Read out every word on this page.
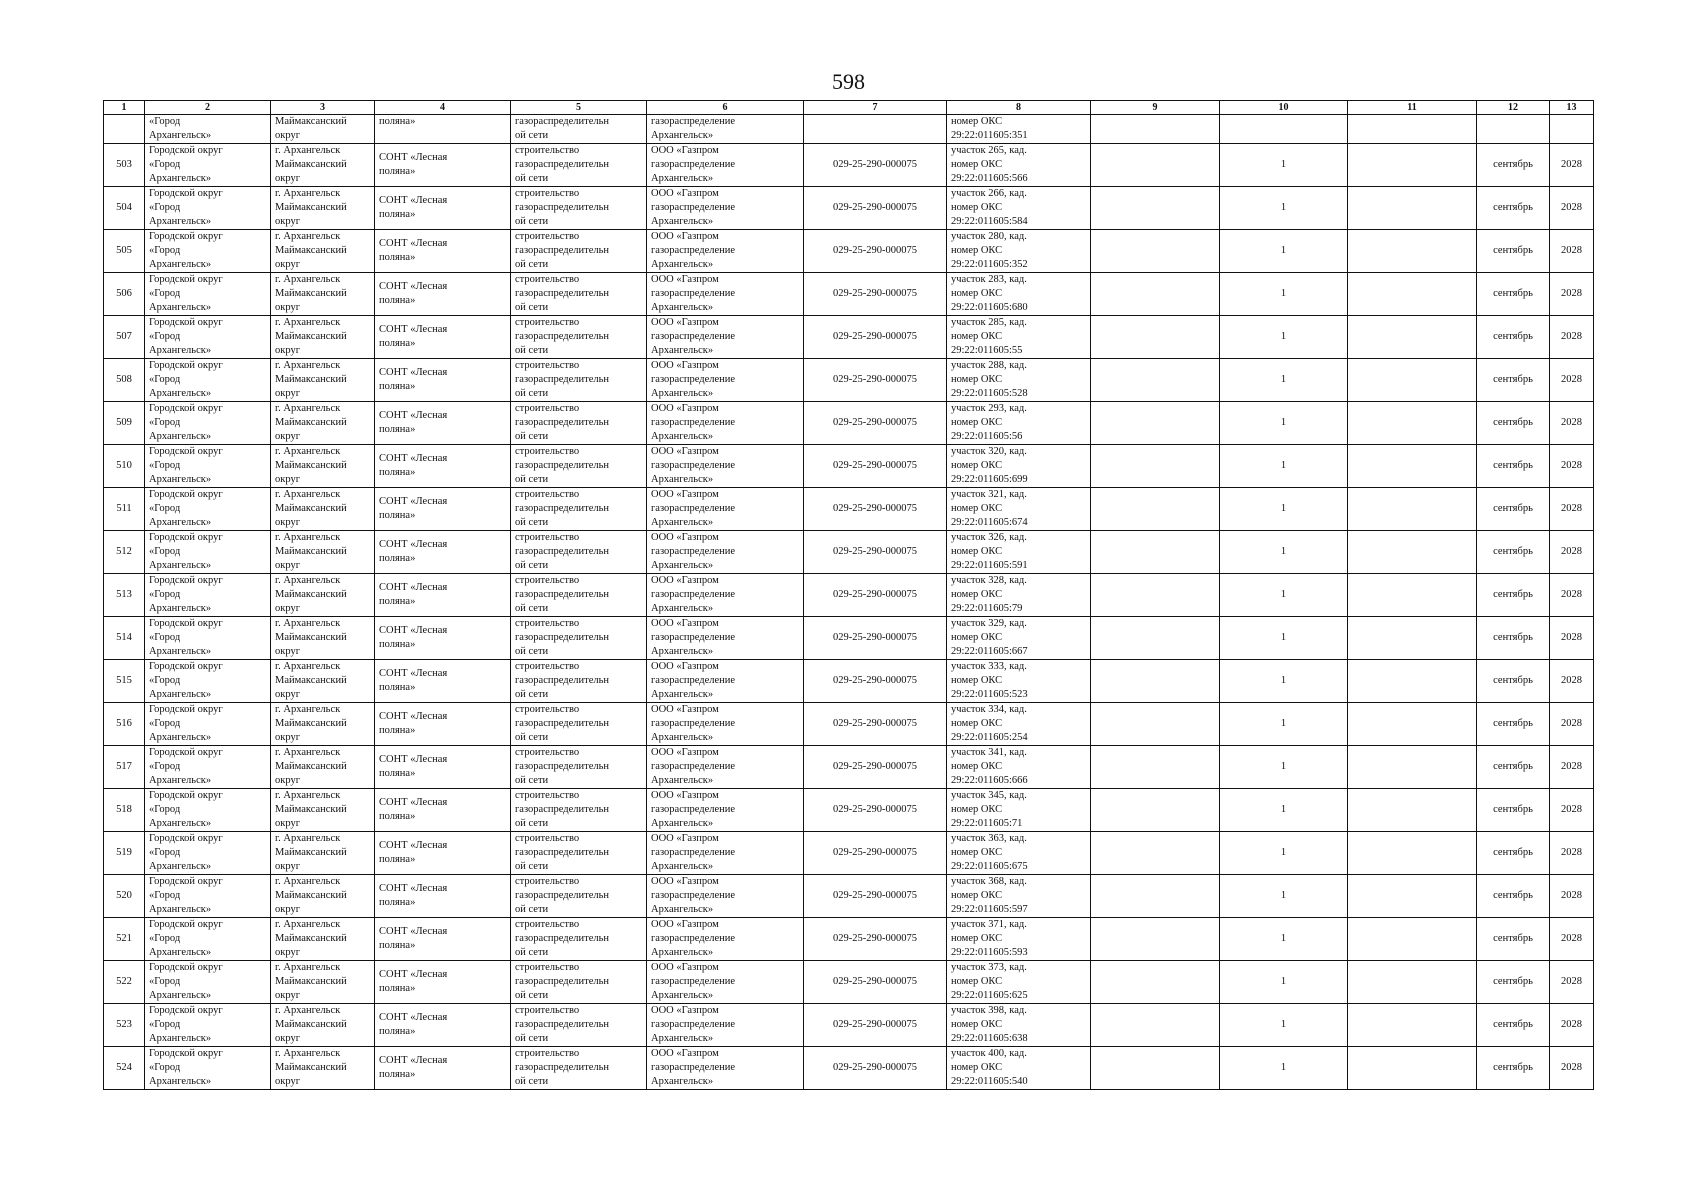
598
1	2	3	4	5	6	7	8	9	10	11	12	13

	«Город
Архангельск»	Маймаксанский
округ	поляна»	газораспределительн
ой сети	газораспределение
Архангельск»		номер ОКС
29:22:011605:351					

503	Городской округ
«Город
Архангельск»	г. Архангельск
Маймаксанский
округ	СОНТ «Лесная
поляна»	строительство
газораспределительн
ой сети	ООО «Газпром
газораспределение
Архангельск»	029-25-290-000075	участок 265, кад.
номер ОКС
29:22:011605:566		1		сентябрь	2028
504	Городской округ
«Город
Архангельск»	г. Архангельск
Маймаксанский
округ	СОНТ «Лесная
поляна»	строительство
газораспределительн
ой сети	ООО «Газпром
газораспределение
Архангельск»	029-25-290-000075	участок 266, кад.
номер ОКС
29:22:011605:584		1		сентябрь	2028
505	Городской округ
«Город
Архангельск»	г. Архангельск
Маймаксанский
округ	СОНТ «Лесная
поляна»	строительство
газораспределительн
ой сети	ООО «Газпром
газораспределение
Архангельск»	029-25-290-000075	участок 280, кад.
номер ОКС
29:22:011605:352		1		сентябрь	2028
506	Городской округ
«Город
Архангельск»	г. Архангельск
Маймаксанский
округ	СОНТ «Лесная
поляна»	строительство
газораспределительн
ой сети	ООО «Газпром
газораспределение
Архангельск»	029-25-290-000075	участок 283, кад.
номер ОКС
29:22:011605:680		1		сентябрь	2028
507	Городской округ
«Город
Архангельск»	г. Архангельск
Маймаксанский
округ	СОНТ «Лесная
поляна»	строительство
газораспределительн
ой сети	ООО «Газпром
газораспределение
Архангельск»	029-25-290-000075	участок 285, кад.
номер ОКС
29:22:011605:55		1		сентябрь	2028
508	Городской округ
«Город
Архангельск»	г. Архангельск
Маймаксанский
округ	СОНТ «Лесная
поляна»	строительство
газораспределительн
ой сети	ООО «Газпром
газораспределение
Архангельск»	029-25-290-000075	участок 288, кад.
номер ОКС
29:22:011605:528		1		сентябрь	2028
509	Городской округ
«Город
Архангельск»	г. Архангельск
Маймаксанский
округ	СОНТ «Лесная
поляна»	строительство
газораспределительн
ой сети	ООО «Газпром
газораспределение
Архангельск»	029-25-290-000075	участок 293, кад.
номер ОКС
29:22:011605:56		1		сентябрь	2028
510	Городской округ
«Город
Архангельск»	г. Архангельск
Маймаксанский
округ	СОНТ «Лесная
поляна»	строительство
газораспределительн
ой сети	ООО «Газпром
газораспределение
Архангельск»	029-25-290-000075	участок 320, кад.
номер ОКС
29:22:011605:699		1		сентябрь	2028
511	Городской округ
«Город
Архангельск»	г. Архангельск
Маймаксанский
округ	СОНТ «Лесная
поляна»	строительство
газораспределительн
ой сети	ООО «Газпром
газораспределение
Архангельск»	029-25-290-000075	участок 321, кад.
номер ОКС
29:22:011605:674		1		сентябрь	2028
512	Городской округ
«Город
Архангельск»	г. Архангельск
Маймаксанский
округ	СОНТ «Лесная
поляна»	строительство
газораспределительн
ой сети	ООО «Газпром
газораспределение
Архангельск»	029-25-290-000075	участок 326, кад.
номер ОКС
29:22:011605:591		1		сентябрь	2028
513	Городской округ
«Город
Архангельск»	г. Архангельск
Маймаксанский
округ	СОНТ «Лесная
поляна»	строительство
газораспределительн
ой сети	ООО «Газпром
газораспределение
Архангельск»	029-25-290-000075	участок 328, кад.
номер ОКС
29:22:011605:79		1		сентябрь	2028
514	Городской округ
«Город
Архангельск»	г. Архангельск
Маймаксанский
округ	СОНТ «Лесная
поляна»	строительство
газораспределительн
ой сети	ООО «Газпром
газораспределение
Архангельск»	029-25-290-000075	участок 329, кад.
номер ОКС
29:22:011605:667		1		сентябрь	2028
515	Городской округ
«Город
Архангельск»	г. Архангельск
Маймаксанский
округ	СОНТ «Лесная
поляна»	строительство
газораспределительн
ой сети	ООО «Газпром
газораспределение
Архангельск»	029-25-290-000075	участок 333, кад.
номер ОКС
29:22:011605:523		1		сентябрь	2028
516	Городской округ
«Город
Архангельск»	г. Архангельск
Маймаксанский
округ	СОНТ «Лесная
поляна»	строительство
газораспределительн
ой сети	ООО «Газпром
газораспределение
Архангельск»	029-25-290-000075	участок 334, кад.
номер ОКС
29:22:011605:254		1		сентябрь	2028
517	Городской округ
«Город
Архангельск»	г. Архангельск
Маймаксанский
округ	СОНТ «Лесная
поляна»	строительство
газораспределительн
ой сети	ООО «Газпром
газораспределение
Архангельск»	029-25-290-000075	участок 341, кад.
номер ОКС
29:22:011605:666		1		сентябрь	2028
518	Городской округ
«Город
Архангельск»	г. Архангельск
Маймаксанский
округ	СОНТ «Лесная
поляна»	строительство
газораспределительн
ой сети	ООО «Газпром
газораспределение
Архангельск»	029-25-290-000075	участок 345, кад.
номер ОКС
29:22:011605:71		1		сентябрь	2028
519	Городской округ
«Город
Архангельск»	г. Архангельск
Маймаксанский
округ	СОНТ «Лесная
поляна»	строительство
газораспределительн
ой сети	ООО «Газпром
газораспределение
Архангельск»	029-25-290-000075	участок 363, кад.
номер ОКС
29:22:011605:675		1		сентябрь	2028
520	Городской округ
«Город
Архангельск»	г. Архангельск
Маймаксанский
округ	СОНТ «Лесная
поляна»	строительство
газораспределительн
ой сети	ООО «Газпром
газораспределение
Архангельск»	029-25-290-000075	участок 368, кад.
номер ОКС
29:22:011605:597		1		сентябрь	2028
521	Городской округ
«Город
Архангельск»	г. Архангельск
Маймаксанский
округ	СОНТ «Лесная
поляна»	строительство
газораспределительн
ой сети	ООО «Газпром
газораспределение
Архангельск»	029-25-290-000075	участок 371, кад.
номер ОКС
29:22:011605:593		1		сентябрь	2028
522	Городской округ
«Город
Архангельск»	г. Архангельск
Маймаксанский
округ	СОНТ «Лесная
поляна»	строительство
газораспределительн
ой сети	ООО «Газпром
газораспределение
Архангельск»	029-25-290-000075	участок 373, кад.
номер ОКС
29:22:011605:625		1		сентябрь	2028
523	Городской округ
«Город
Архангельск»	г. Архангельск
Маймаксанский
округ	СОНТ «Лесная
поляна»	строительство
газораспределительн
ой сети	ООО «Газпром
газораспределение
Архангельск»	029-25-290-000075	участок 398, кад.
номер ОКС
29:22:011605:638		1		сентябрь	2028
524	Городской округ
«Город
Архангельск»	г. Архангельск
Маймаксанский
округ	СОНТ «Лесная
поляна»	строительство
газораспределительн
ой сети	ООО «Газпром
газораспределение
Архангельск»	029-25-290-000075	участок 400, кад.
номер ОКС
29:22:011605:540		1		сентябрь	2028
